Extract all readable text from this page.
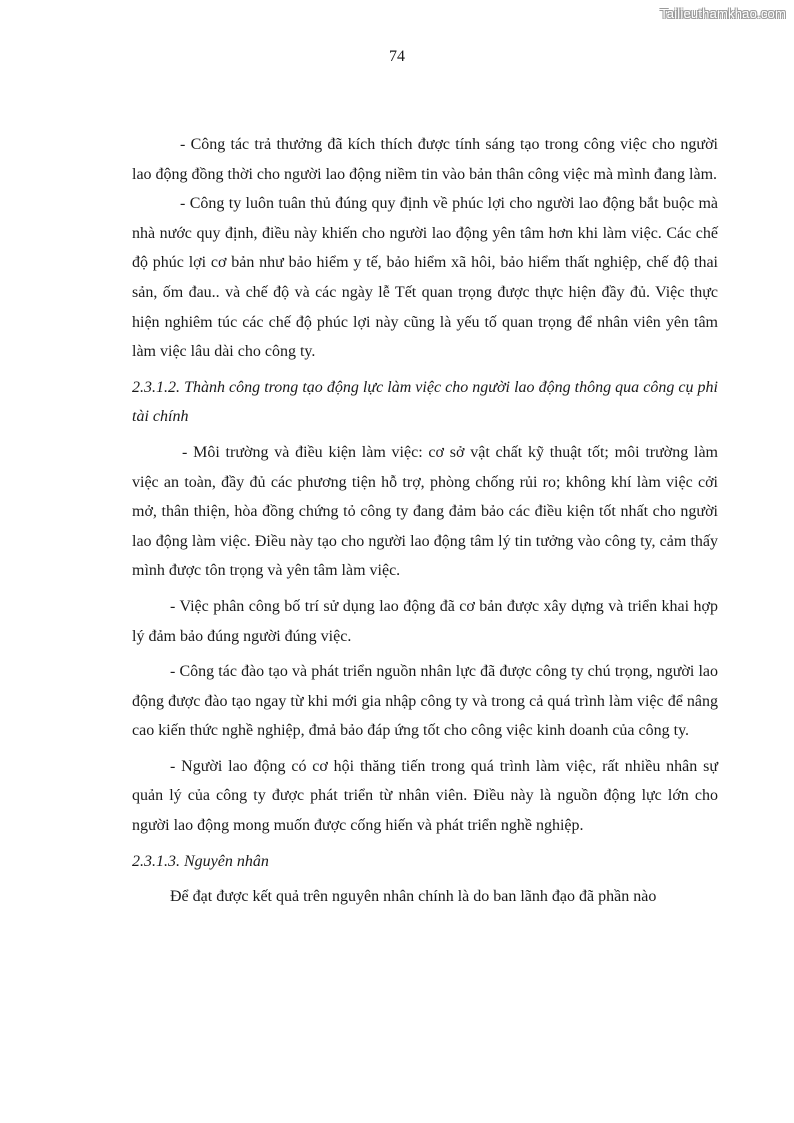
Tailieuthamkhao.com
74

- Công tác trả thưởng đã kích thích được tính sáng tạo trong công việc cho người lao động đồng thời cho người lao động niềm tin vào bản thân công việc mà mình đang làm.

- Công ty luôn tuân thủ đúng quy định về phúc lợi cho người lao động bắt buộc mà nhà nước quy định, điều này khiến cho người lao động yên tâm hơn khi làm việc. Các chế độ phúc lợi cơ bản như bảo hiểm y tế, bảo hiểm xã hôi, bảo hiểm thất nghiệp, chế độ thai sản, ốm đau.. và chế độ và các ngày lễ Tết quan trọng được thực hiện đầy đủ. Việc thực hiện nghiêm túc các chế độ phúc lợi này cũng là yếu tố quan trọng để nhân viên yên tâm làm việc lâu dài cho công ty.

2.3.1.2. Thành công trong tạo động lực làm việc cho người lao động thông qua công cụ phi tài chính

- Môi trường và điều kiện làm việc: cơ sở vật chất kỹ thuật tốt; môi trường làm việc an toàn, đầy đủ các phương tiện hỗ trợ, phòng chống rủi ro; không khí làm việc cởi mở, thân thiện, hòa đồng chứng tỏ công ty đang đảm bảo các điều kiện tốt nhất cho người lao động làm việc. Điều này tạo cho người lao động tâm lý tin tưởng vào công ty, cảm thấy mình được tôn trọng và yên tâm làm việc.

- Việc phân công bố trí sử dụng lao động đã cơ bản được xây dựng và triển khai hợp lý đảm bảo đúng người đúng việc.

- Công tác đào tạo và phát triển nguồn nhân lực đã được công ty chú trọng, người lao động được đào tạo ngay từ khi mới gia nhập công ty và trong cả quá trình làm việc để nâng cao kiến thức nghề nghiệp, đmả bảo đáp ứng tốt cho công việc kinh doanh của công ty.

- Người lao động có cơ hội thăng tiến trong quá trình làm việc, rất nhiều nhân sự quản lý của công ty được phát triển từ nhân viên. Điều này là nguồn động lực lớn cho người lao động mong muốn được cống hiến và phát triển nghề nghiệp.

2.3.1.3. Nguyên nhân

Để đạt được kết quả trên nguyên nhân chính là do ban lãnh đạo đã phần nào
